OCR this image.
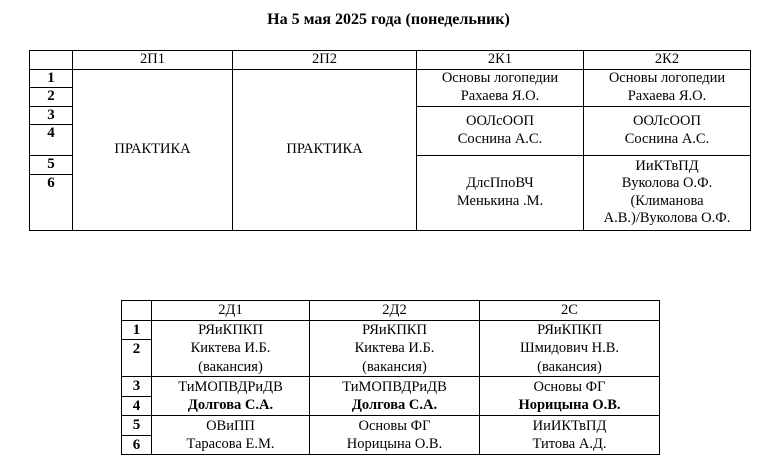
На 5 мая 2025 года (понедельник)
	2П1	2П2	2К1	2К2
1	ПРАКТИКА	ПРАКТИКА	Основы логопедии
Рахаева Я.О.	Основы логопедии
Рахаева Я.О.

2				
3			ООЛсООП
Соснина А.С.	ООЛсООП
Соснина А.С.

4				
5			ДлсПпоВЧ
Менькина .М.	ИиКТвПД
Вуколова О.Ф.
(Климанова
А.В.)/Вуколова О.Ф.

6				
	2Д1	2Д2	2С
1	РЯиКПКП
Киктева И.Б.
(вакансия)	РЯиКПКП
Киктева И.Б.
(вакансия)	РЯиКПКП
Шмидович Н.В.
(вакансия)

2			
3	ТиМОПВДРиДВ
Долгова С.А.	ТиМОПВДРиДВ
Долгова С.А.	Основы ФГ
Норицына О.В.

4			
5	ОВиПП
Тарасова Е.М.	Основы ФГ
Норицына О.В.	ИиИКТвПД
Титова А.Д.

6			
